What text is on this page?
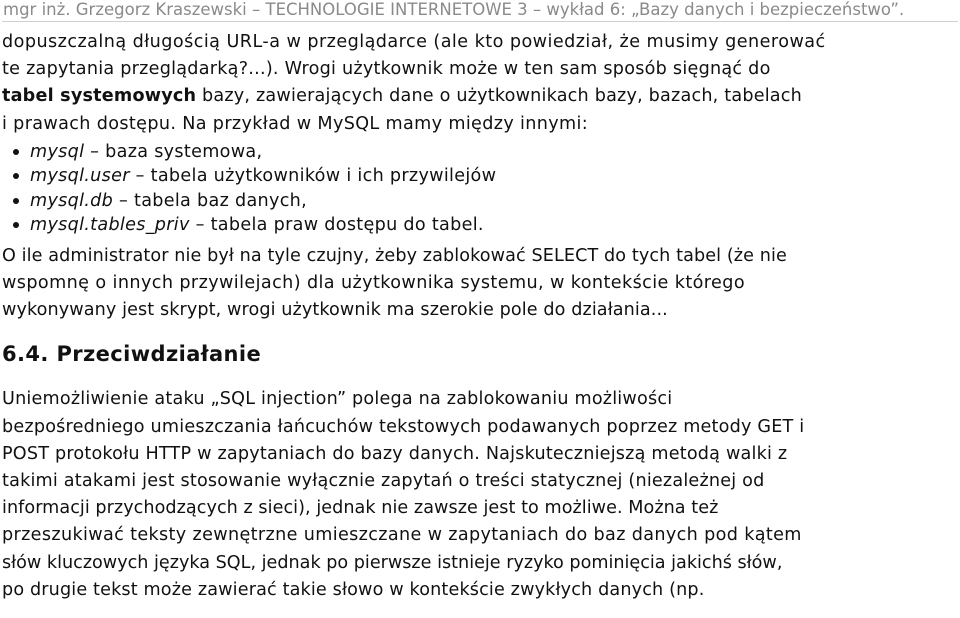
mgr inż. Grzegorz Kraszewski – TECHNOLOGIE INTERNETOWE 3 – wykład 6: „Bazy danych i bezpieczeństwo”.

dopuszczalną długością URL-a w przeglądarce (ale kto powiedział, że musimy generować
te zapytania przeglądarką?...). Wrogi użytkownik może w ten sam sposób sięgnąć do
tabel systemowych bazy, zawierających dane o użytkownikach bazy, bazach, tabelach
i prawach dostępu. Na przykład w MySQL mamy między innymi:

mysql – baza systemowa,
mysql.user – tabela użytkowników i ich przywilejów
mysql.db – tabela baz danych,
mysql.tables_priv – tabela praw dostępu do tabel.

O ile administrator nie był na tyle czujny, żeby zablokować SELECT do tych tabel (że nie
wspomnę o innych przywilejach) dla użytkownika systemu, w kontekście którego
wykonywany jest skrypt, wrogi użytkownik ma szerokie pole do działania...

6.4. Przeciwdziałanie

Uniemożliwienie ataku „SQL injection” polega na zablokowaniu możliwości
bezpośredniego umieszczania łańcuchów tekstowych podawanych poprzez metody GET i
POST protokołu HTTP w zapytaniach do bazy danych. Najskuteczniejszą metodą walki z
takimi atakami jest stosowanie wyłącznie zapytań o treści statycznej (niezależnej od
informacji przychodzących z sieci), jednak nie zawsze jest to możliwe. Można też
przeszukiwać teksty zewnętrzne umieszczane w zapytaniach do baz danych pod kątem
słów kluczowych języka SQL, jednak po pierwsze istnieje ryzyko pominięcia jakichś słów,
po drugie tekst może zawierać takie słowo w kontekście zwykłych danych (np.
